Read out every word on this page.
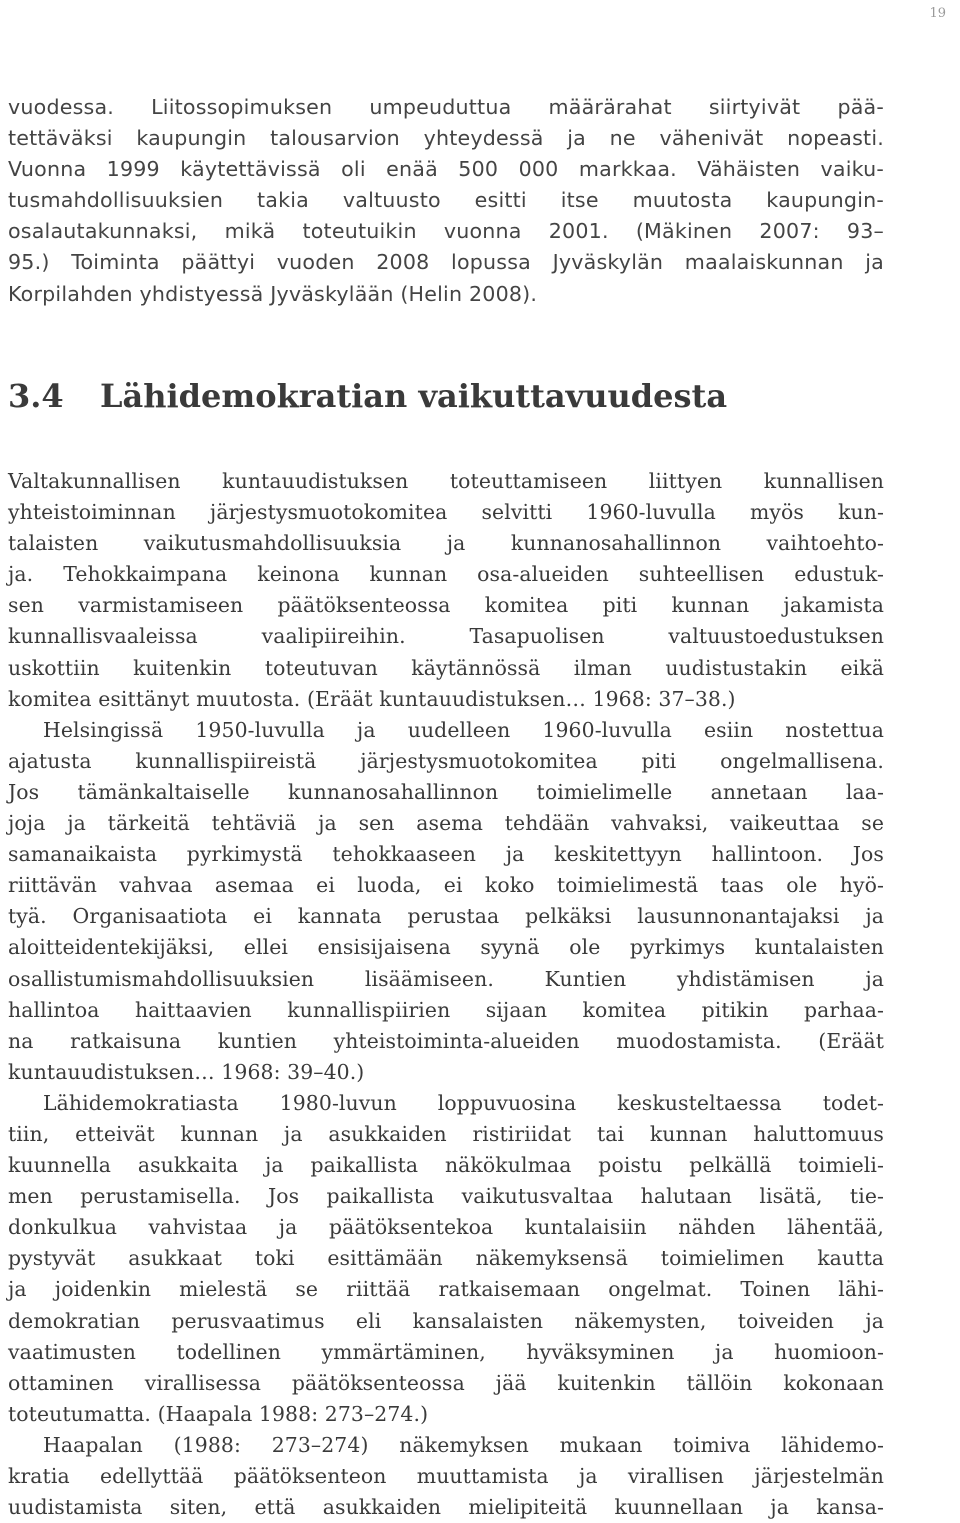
19
vuodessa. Liitossopimuksen umpeuduttua määrärahat siirtyivät pää-
tettäväksi kaupungin talousarvion yhteydessä ja ne vähenivät nopeasti.
Vuonna 1999 käytettävissä oli enää 500 000 markkaa. Vähäisten vaiku-
tusmahdollisuuksien takia valtuusto esitti itse muutosta kaupungin-
osalautakunnaksi, mikä toteutuikin vuonna 2001. (Mäkinen 2007: 93–
95.) Toiminta päättyi vuoden 2008 lopussa Jyväskylän maalaiskunnan ja
Korpilahden yhdistyessä Jyväskylään (Helin 2008).
3.4 Lähidemokratian vaikuttavuudesta

Valtakunnallisen kuntauudistuksen toteuttamiseen liittyen kunnallisen
yhteistoiminnan järjestysmuotokomitea selvitti 1960-luvulla myös kun-
talaisten vaikutusmahdollisuuksia ja kunnanosahallinnon vaihtoehto-
ja. Tehokkaimpana keinona kunnan osa-alueiden suhteellisen edustuk-
sen varmistamiseen päätöksenteossa komitea piti kunnan jakamista
kunnallisvaaleissa vaalipiireihin. Tasapuolisen valtuustoedustuksen
uskottiin kuitenkin toteutuvan käytännössä ilman uudistustakin eikä
komitea esittänyt muutosta. (Eräät kuntauudistuksen… 1968: 37–38.)

Helsingissä 1950-luvulla ja uudelleen 1960-luvulla esiin nostettua
ajatusta kunnallispiireistä järjestysmuotokomitea piti ongelmallisena.
Jos tämänkaltaiselle kunnanosahallinnon toimielimelle annetaan laa-
joja ja tärkeitä tehtäviä ja sen asema tehdään vahvaksi, vaikeuttaa se
samanaikaista pyrkimystä tehokkaaseen ja keskitettyyn hallintoon. Jos
riittävän vahvaa asemaa ei luoda, ei koko toimielimestä taas ole hyö-
tyä. Organisaatiota ei kannata perustaa pelkäksi lausunnonantajaksi ja
aloitteidentekijäksi, ellei ensisijaisena syynä ole pyrkimys kuntalaisten
osallistumismahdollisuuksien lisäämiseen. Kuntien yhdistämisen ja
hallintoa haittaavien kunnallispiirien sijaan komitea pitikin parhaa-
na ratkaisuna kuntien yhteistoiminta-alueiden muodostamista. (Eräät
kuntauudistuksen… 1968: 39–40.)

Lähidemokratiasta 1980-luvun loppuvuosina keskusteltaessa todet-
tiin, etteivät kunnan ja asukkaiden ristiriidat tai kunnan haluttomuus
kuunnella asukkaita ja paikallista näkökulmaa poistu pelkällä toimieli-
men perustamisella. Jos paikallista vaikutusvaltaa halutaan lisätä, tie-
donkulkua vahvistaa ja päätöksentekoa kuntalaisiin nähden lähentää,
pystyvät asukkaat toki esittämään näkemyksensä toimielimen kautta
ja joidenkin mielestä se riittää ratkaisemaan ongelmat. Toinen lähi-
demokratian perusvaatimus eli kansalaisten näkemysten, toiveiden ja
vaatimusten todellinen ymmärtäminen, hyväksyminen ja huomioon-
ottaminen virallisessa päätöksenteossa jää kuitenkin tällöin kokonaan
toteutumatta. (Haapala 1988: 273–274.)

Haapalan (1988: 273–274) näkemyksen mukaan toimiva lähidemo-
kratia edellyttää päätöksenteon muuttamista ja virallisen järjestelmän
uudistamista siten, että asukkaiden mielipiteitä kuunnellaan ja kansa-
